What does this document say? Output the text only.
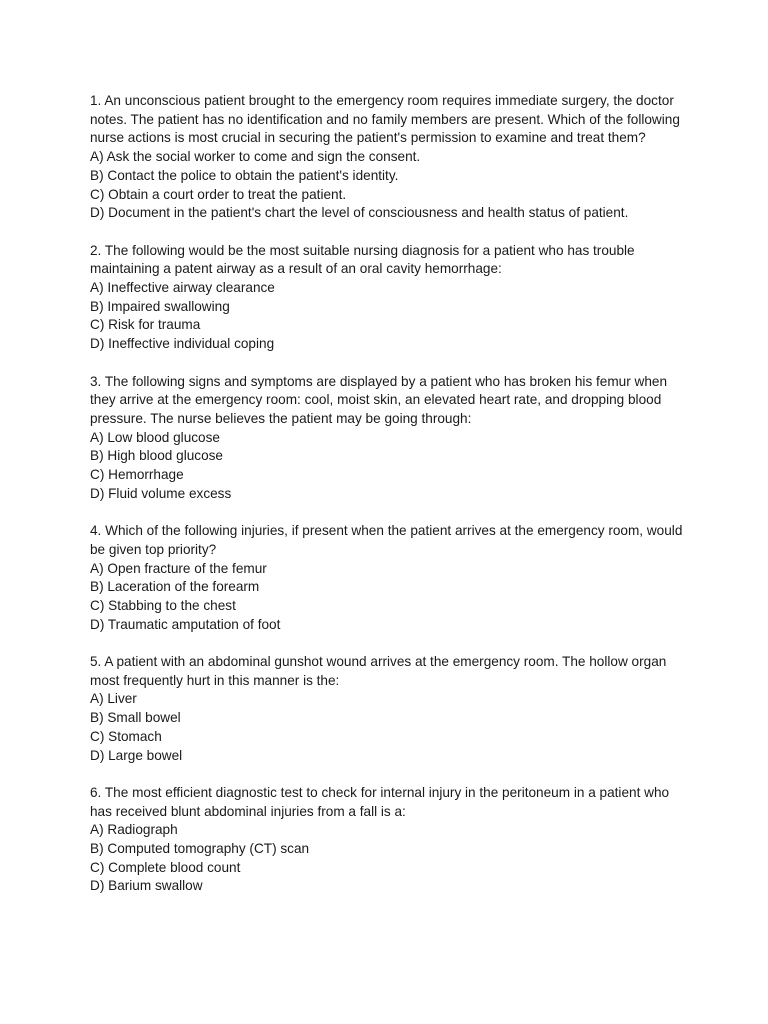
1. An unconscious patient brought to the emergency room requires immediate surgery, the doctor notes. The patient has no identification and no family members are present. Which of the following nurse actions is most crucial in securing the patient's permission to examine and treat them?
A) Ask the social worker to come and sign the consent.
B) Contact the police to obtain the patient's identity.
C) Obtain a court order to treat the patient.
D) Document in the patient's chart the level of consciousness and health status of patient.
2. The following would be the most suitable nursing diagnosis for a patient who has trouble maintaining a patent airway as a result of an oral cavity hemorrhage:
A) Ineffective airway clearance
B) Impaired swallowing
C) Risk for trauma
D) Ineffective individual coping
3. The following signs and symptoms are displayed by a patient who has broken his femur when they arrive at the emergency room: cool, moist skin, an elevated heart rate, and dropping blood pressure. The nurse believes the patient may be going through:
A) Low blood glucose
B) High blood glucose
C) Hemorrhage
D) Fluid volume excess
4. Which of the following injuries, if present when the patient arrives at the emergency room, would be given top priority?
A) Open fracture of the femur
B) Laceration of the forearm
C) Stabbing to the chest
D) Traumatic amputation of foot
5. A patient with an abdominal gunshot wound arrives at the emergency room. The hollow organ most frequently hurt in this manner is the:
A) Liver
B) Small bowel
C) Stomach
D) Large bowel
6. The most efficient diagnostic test to check for internal injury in the peritoneum in a patient who has received blunt abdominal injuries from a fall is a:
A) Radiograph
B) Computed tomography (CT) scan
C) Complete blood count
D) Barium swallow
